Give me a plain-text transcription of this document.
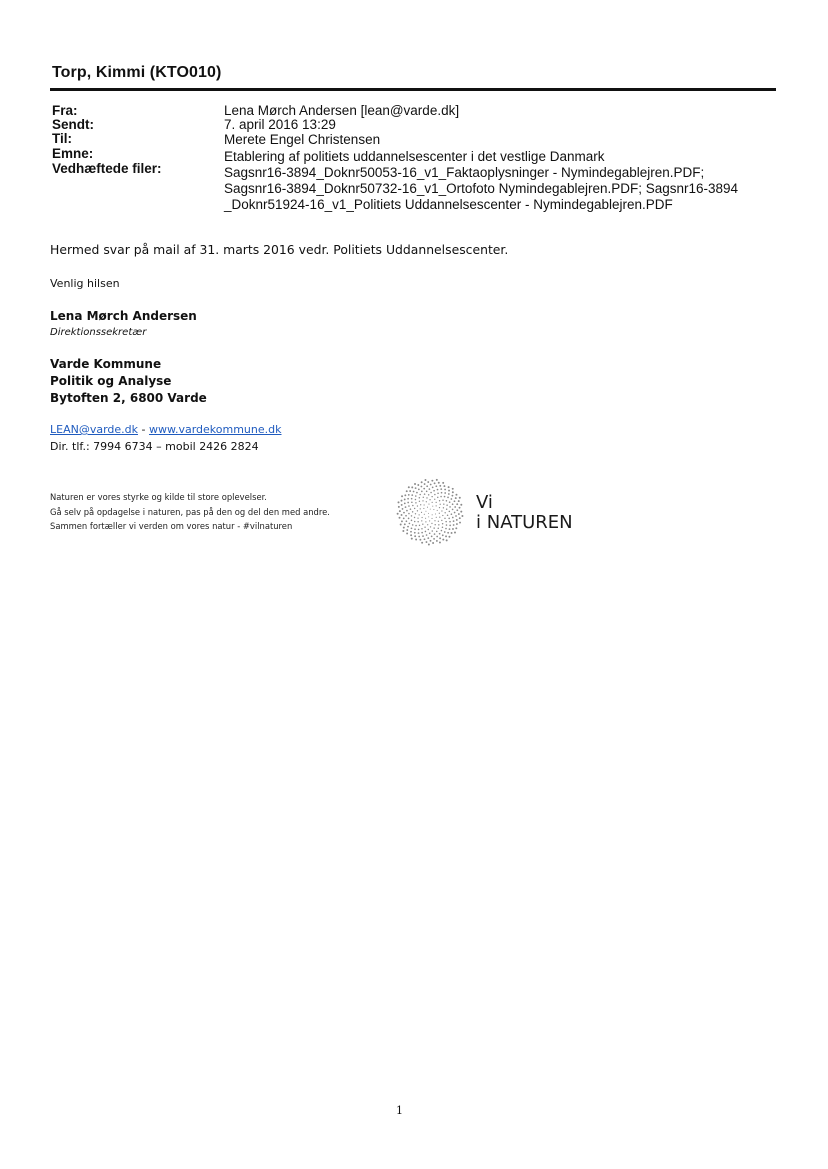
Torp, Kimmi (KTO010)
Fra:	Lena Mørch Andersen [lean@varde.dk]
Sendt:	7. april 2016 13:29
Til:	Merete Engel Christensen
Emne:	Etablering af politiets uddannelsescenter i det vestlige Danmark
Vedhæftede filer:	Sagsnr16-3894_Doknr50053-16_v1_Faktaoplysninger - Nymindegablejren.PDF;
Sagsnr16-3894_Doknr50732-16_v1_Ortofoto Nymindegablejren.PDF; Sagsnr16-3894
_Doknr51924-16_v1_Politiets Uddannelsescenter - Nymindegablejren.PDF
Hermed svar på mail af 31. marts 2016 vedr. Politiets Uddannelsescenter.
Venlig hilsen
Lena Mørch Andersen
Direktionssekretær
Varde Kommune
Politik og Analyse
Bytoften 2, 6800 Varde
LEAN@varde.dk - www.vardekommune.dk
Dir. tlf.: 7994 6734 – mobil 2426 2824
Naturen er vores styrke og kilde til store oplevelser.
Gå selv på opdagelse i naturen, pas på den og del den med andre.
Sammen fortæller vi verden om vores natur - #vilnaturen
Vi
i NATUREN
1
